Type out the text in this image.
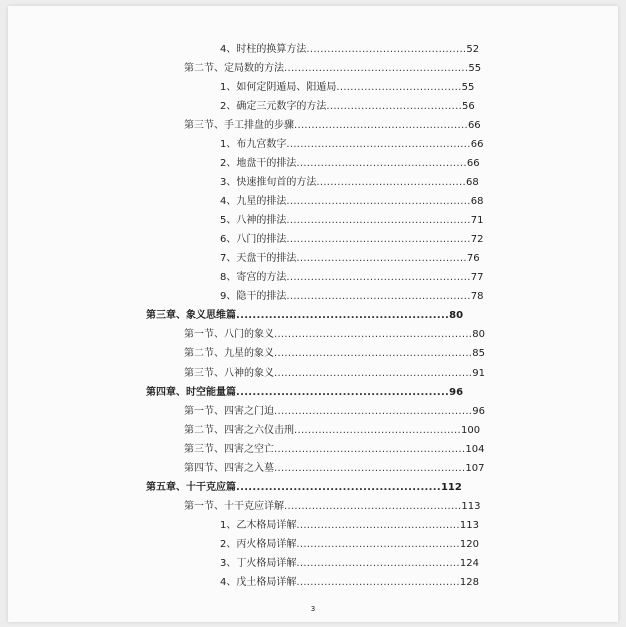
4、时柱的换算方法..............................................52
第二节、定局数的方法.....................................................55
1、如何定阴遁局、阳遁局....................................55
2、确定三元数字的方法.......................................56
第三节、手工排盘的步骤..................................................66
1、布九宫数字.....................................................66
2、地盘干的排法.................................................66
3、快速推旬首的方法...........................................68
4、九星的排法.....................................................68
5、八神的排法.....................................................71
6、八门的排法.....................................................72
7、天盘干的排法.................................................76
8、寄宫的方法.....................................................77
9、隐干的排法.....................................................78
第三章、象义思维篇....................................................80
第一节、八门的象义.........................................................80
第二节、九星的象义.........................................................85
第三节、八神的象义.........................................................91
第四章、时空能量篇....................................................96
第一节、四害之门迫.........................................................96
第二节、四害之六仪击刑................................................100
第三节、四害之空亡.......................................................104
第四节、四害之入墓.......................................................107
第五章、十干克应篇..................................................112
第一节、十干克应详解...................................................113
1、乙木格局详解...............................................113
2、丙火格局详解...............................................120
3、丁火格局详解...............................................124
4、戊土格局详解...............................................128
3
